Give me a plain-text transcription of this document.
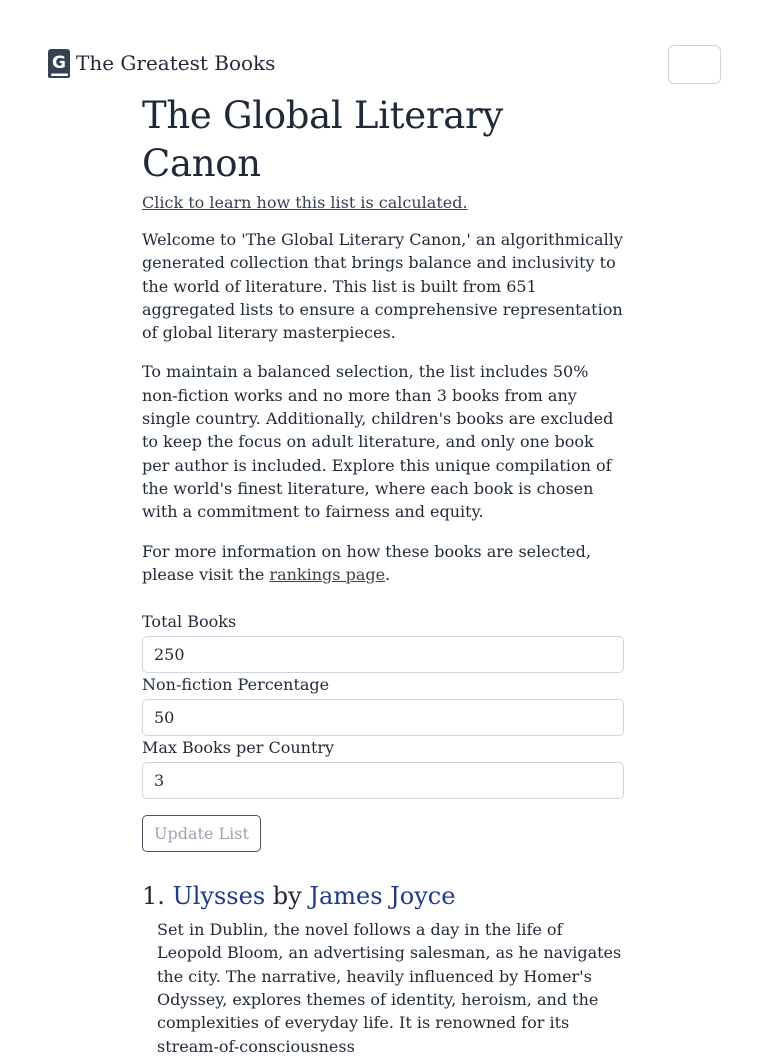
G The Greatest Books
The Global Literary Canon
Click to learn how this list is calculated.

Welcome to 'The Global Literary Canon,' an algorithmically generated collection that brings balance and inclusivity to the world of literature. This list is built from 651 aggregated lists to ensure a comprehensive representation of global literary masterpieces.

To maintain a balanced selection, the list includes 50% non-fiction works and no more than 3 books from any single country. Additionally, children's books are excluded to keep the focus on adult literature, and only one book per author is included. Explore this unique compilation of the world's finest literature, where each book is chosen with a commitment to fairness and equity.

For more information on how these books are selected, please visit the rankings page.

Total Books
250
Non-fiction Percentage
50
Max Books per Country
3 Update List
1. Ulysses by James Joyce

Set in Dublin, the novel follows a day in the life of Leopold Bloom, an advertising salesman, as he navigates the city. The narrative, heavily influenced by Homer's Odyssey, explores themes of identity, heroism, and the complexities of everyday life. It is renowned for its stream-of-consciousness
